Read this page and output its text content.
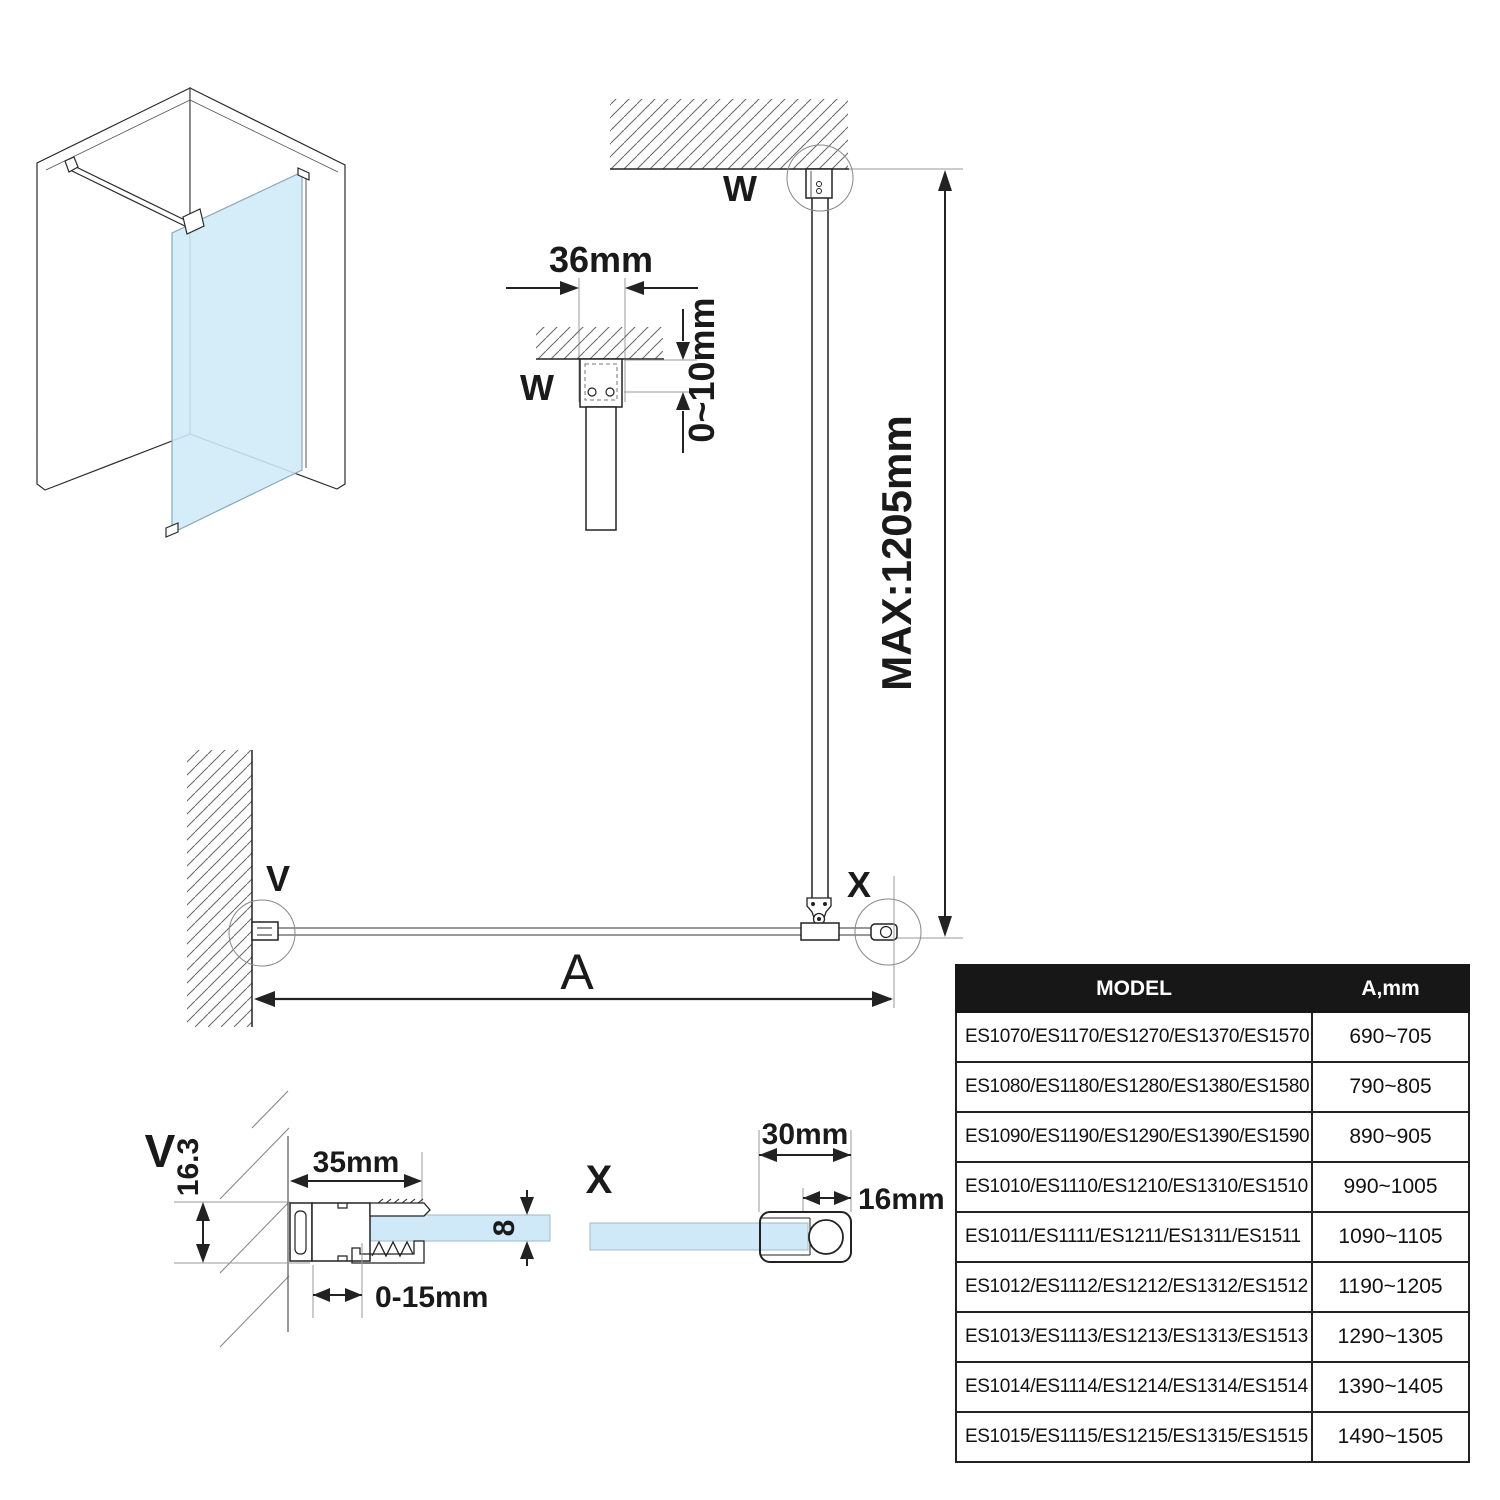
36mm
W	0~10mm
W
MAX:1205mm
V	X
A
V
16.3	35mm
8
0-15mm
X
30mm
16mm
MODEL	A,mm
ES1070/ES1170/ES1270/ES1370/ES1570	690~705
ES1080/ES1180/ES1280/ES1380/ES1580	790~805
ES1090/ES1190/ES1290/ES1390/ES1590	890~905
ES1010/ES1110/ES1210/ES1310/ES1510	990~1005
ES1011/ES1111/ES1211/ES1311/ES1511	1090~1105
ES1012/ES1112/ES1212/ES1312/ES1512	1190~1205
ES1013/ES1113/ES1213/ES1313/ES1513	1290~1305
ES1014/ES1114/ES1214/ES1314/ES1514	1390~1405
ES1015/ES1115/ES1215/ES1315/ES1515	1490~1505
